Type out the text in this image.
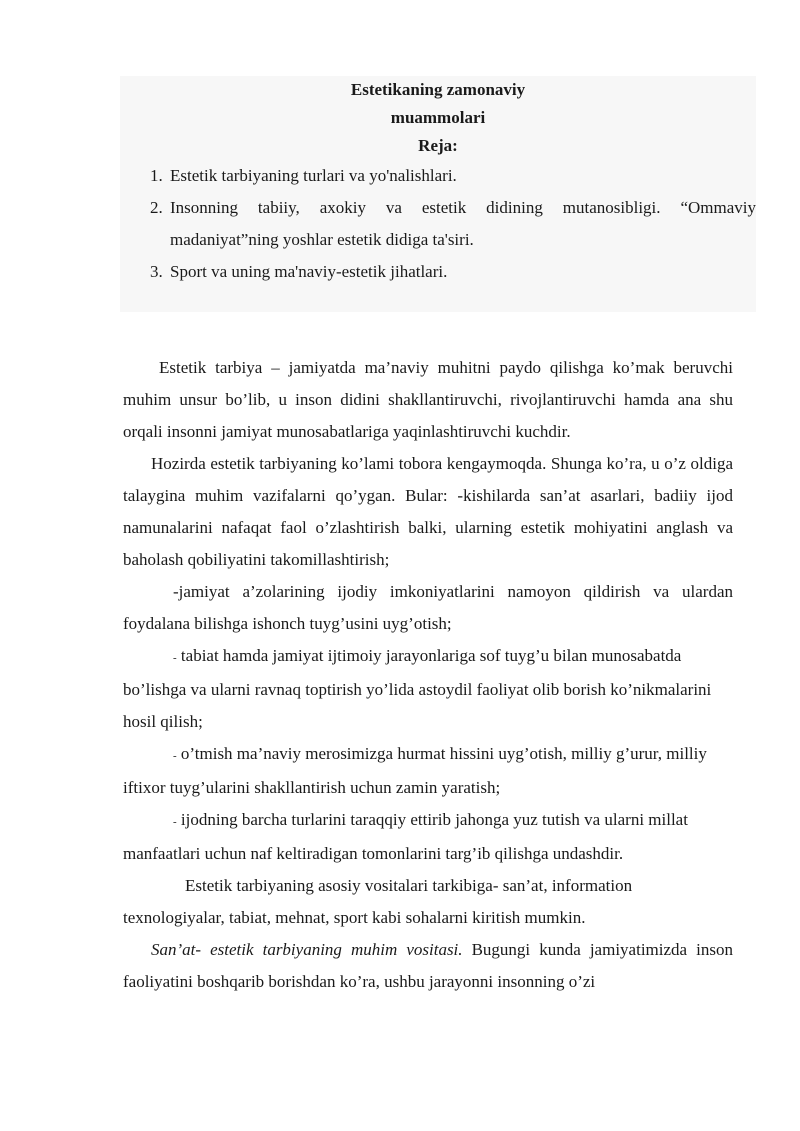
Estetikaning zamonaviy

muammolari

Reja:

1. Estetik tarbiyaning turlari va yo'nalishlari.
2. Insonning tabiiy, axokiy va estetik didining mutanosibligi. “Ommaviy madaniyat”ning yoshlar estetik didiga ta'siri.
3. Sport va uning ma'naviy-estetik jihatlari.

Estetik tarbiya – jamiyatda ma’naviy muhitni paydo qilishga ko’mak beruvchi muhim unsur bo’lib, u inson didini shakllantiruvchi, rivojlantiruvchi hamda ana shu orqali insonni jamiyat munosabatlariga yaqinlashtiruvchi kuchdir.

Hozirda estetik tarbiyaning ko’lami tobora kengaymoqda. Shunga ko’ra, u o’z oldiga talaygina muhim vazifalarni qo’ygan. Bular: -kishilarda san’at asarlari, badiiy ijod namunalarini nafaqat faol o’zlashtirish balki, ularning estetik mohiyatini anglash va baholash qobiliyatini takomillashtirish;

-jamiyat a’zolarining ijodiy imkoniyatlarini namoyon qildirish va ulardan foydalana bilishga ishonch tuyg’usini uyg’otish;

- tabiat hamda jamiyat ijtimoiy jarayonlariga sof tuyg’u bilan munosabatda bo’lishga va ularni ravnaq toptirish yo’lida astoydil faoliyat olib borish ko’nikmalarini hosil qilish;

- o’tmish ma’naviy merosimizga hurmat hissini uyg’otish, milliy g’urur, milliy iftixor tuyg’ularini shakllantirish uchun zamin yaratish;

- ijodning barcha turlarini taraqqiy ettirib jahonga yuz tutish va ularni millat manfaatlari uchun naf keltiradigan tomonlarini targ’ib qilishga undashdir.

Estetik tarbiyaning asosiy vositalari tarkibiga- san’at, information texnologiyalar, tabiat, mehnat, sport kabi sohalarni kiritish mumkin.

San’at- estetik tarbiyaning muhim vositasi. Bugungi kunda jamiyatimizda inson faoliyatini boshqarib borishdan ko’ra, ushbu jarayonni insonning o’zi
